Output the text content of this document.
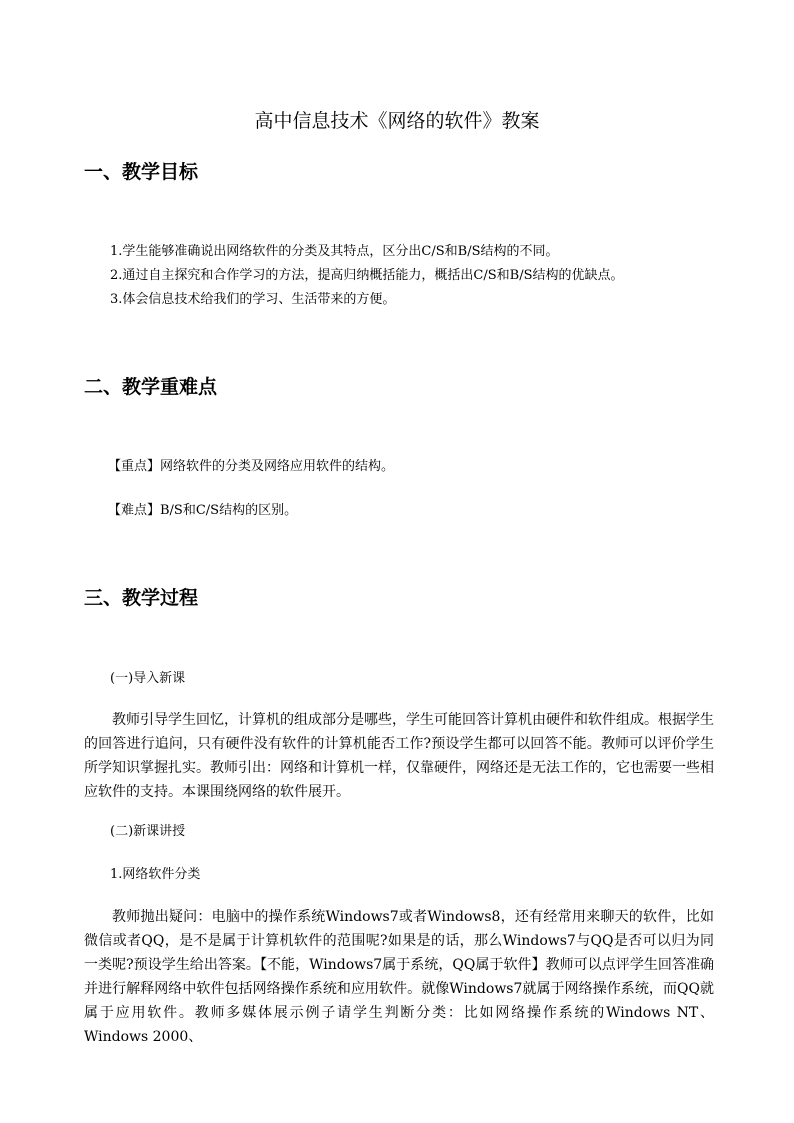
高中信息技术《网络的软件》教案
一、教学目标

1.学生能够准确说出网络软件的分类及其特点，区分出C/S和B/S结构的不同。

2.通过自主探究和合作学习的方法，提高归纳概括能力，概括出C/S和B/S结构的优缺点。

3.体会信息技术给我们的学习、生活带来的方便。

二、教学重难点

【重点】网络软件的分类及网络应用软件的结构。

【难点】B/S和C/S结构的区别。

三、教学过程

(一)导入新课

教师引导学生回忆，计算机的组成部分是哪些，学生可能回答计算机由硬件和软件组成。根据学生的回答进行追问，只有硬件没有软件的计算机能否工作?预设学生都可以回答不能。教师可以评价学生所学知识掌握扎实。教师引出：网络和计算机一样，仅靠硬件，网络还是无法工作的，它也需要一些相应软件的支持。本课围绕网络的软件展开。

(二)新课讲授

1.网络软件分类

教师抛出疑问：电脑中的操作系统Windows7或者Windows8，还有经常用来聊天的软件，比如微信或者QQ，是不是属于计算机软件的范围呢?如果是的话，那么Windows7与QQ是否可以归为同一类呢?预设学生给出答案。【不能，Windows7属于系统，QQ属于软件】教师可以点评学生回答准确并进行解释网络中软件包括网络操作系统和应用软件。就像Windows7就属于网络操作系统，而QQ就属于应用软件。教师多媒体展示例子请学生判断分类：比如网络操作系统的Windows NT、Windows 2000、
